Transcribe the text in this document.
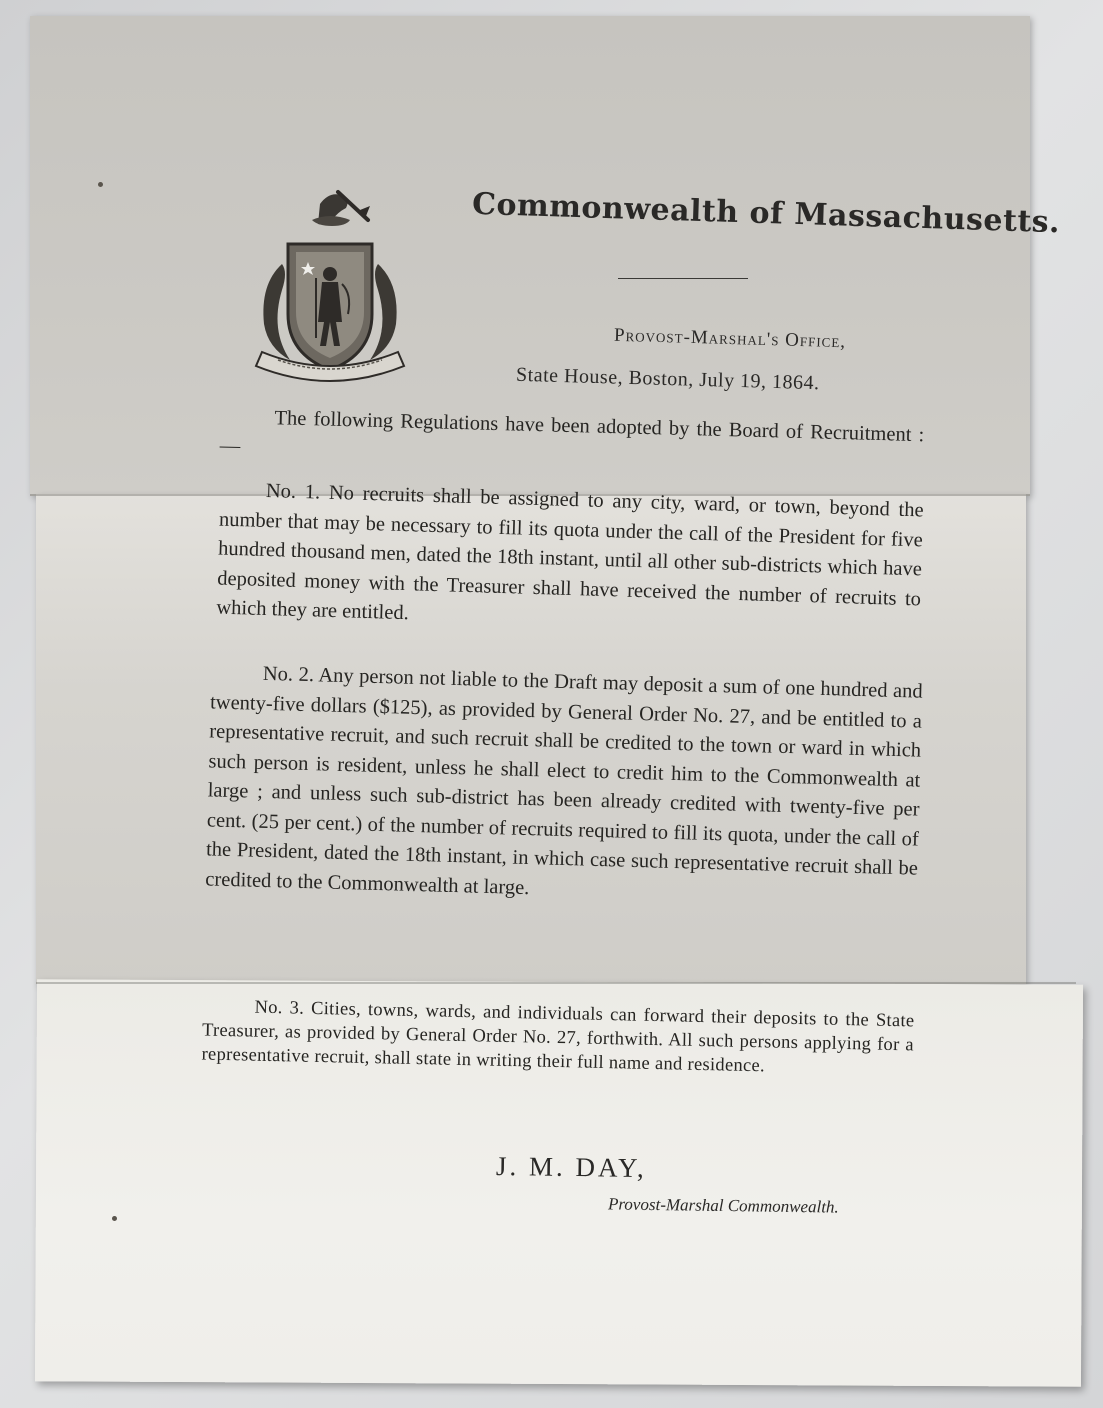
Commonwealth of Massachusetts.
Provost-Marshal's Office,
State House, Boston, July 19, 1864.
The following Regulations have been adopted by the Board of Recruitment : —
No. 1. No recruits shall be assigned to any city, ward, or town, beyond the number that may be necessary to fill its quota under the call of the President for five hundred thousand men, dated the 18th instant, until all other sub-districts which have deposited money with the Treasurer shall have received the number of recruits to which they are entitled.
No. 2. Any person not liable to the Draft may deposit a sum of one hundred and twenty-five dollars ($125), as provided by General Order No. 27, and be entitled to a representative recruit, and such recruit shall be credited to the town or ward in which such person is resident, unless he shall elect to credit him to the Commonwealth at large ; and unless such sub-district has been already credited with twenty-five per cent. (25 per cent.) of the number of recruits required to fill its quota, under the call of the President, dated the 18th instant, in which case such representative recruit shall be credited to the Commonwealth at large.
No. 3. Cities, towns, wards, and individuals can forward their deposits to the State Treasurer, as provided by General Order No. 27, forthwith. All such persons applying for a representative recruit, shall state in writing their full name and residence.
J. M. DAY,
Provost-Marshal Commonwealth.
